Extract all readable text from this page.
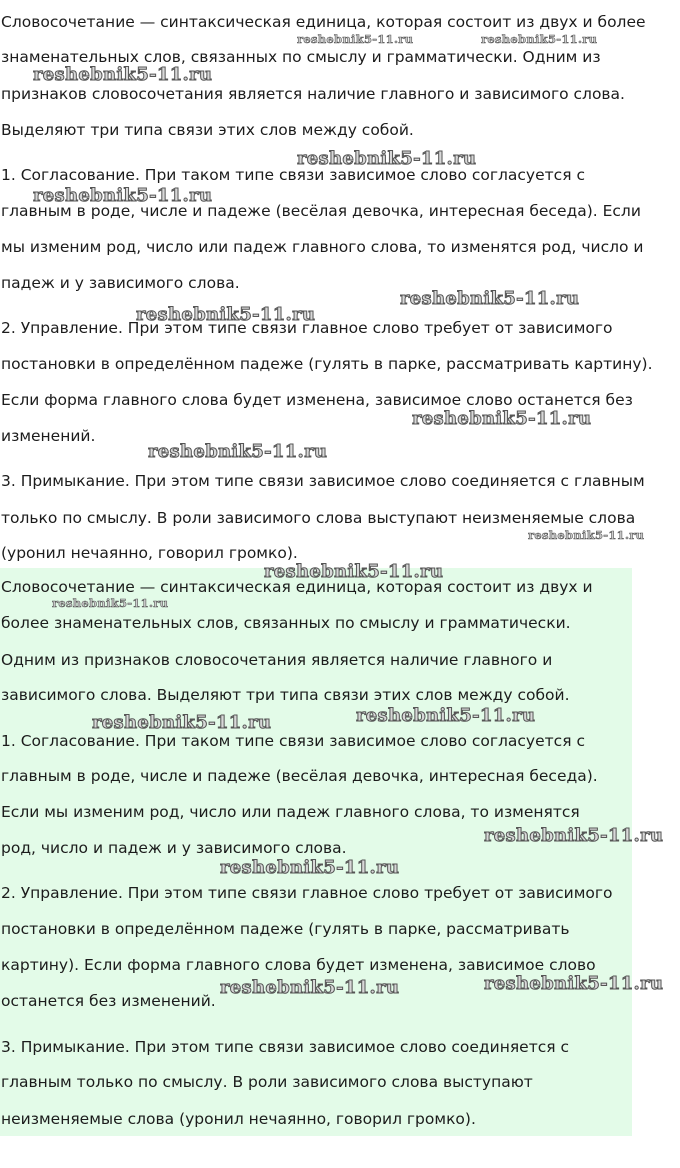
Словосочетание — синтаксическая единица, которая состоит из двух и более
знаменательных слов, связанных по смыслу и грамматически. Одним из
признаков словосочетания является наличие главного и зависимого слова.
Выделяют три типа связи этих слов между собой.
1. Согласование. При таком типе связи зависимое слово согласуется с
главным в роде, числе и падеже (весёлая девочка, интересная беседа). Если
мы изменим род, число или падеж главного слова, то изменятся род, число и
падеж и у зависимого слова.
2. Управление. При этом типе связи главное слово требует от зависимого
постановки в определённом падеже (гулять в парке, рассматривать картину).
Если форма главного слова будет изменена, зависимое слово останется без
изменений.
3. Примыкание. При этом типе связи зависимое слово соединяется с главным
только по смыслу. В роли зависимого слова выступают неизменяемые слова
(уронил нечаянно, говорил громко).
Словосочетание — синтаксическая единица, которая состоит из двух и
более знаменательных слов, связанных по смыслу и грамматически.
Одним из признаков словосочетания является наличие главного и
зависимого слова. Выделяют три типа связи этих слов между собой.
1. Согласование. При таком типе связи зависимое слово согласуется с
главным в роде, числе и падеже (весёлая девочка, интересная беседа).
Если мы изменим род, число или падеж главного слова, то изменятся
род, число и падеж и у зависимого слова.
2. Управление. При этом типе связи главное слово требует от зависимого
постановки в определённом падеже (гулять в парке, рассматривать
картину). Если форма главного слова будет изменена, зависимое слово
останется без изменений.
3. Примыкание. При этом типе связи зависимое слово соединяется с
главным только по смыслу. В роли зависимого слова выступают
неизменяемые слова (уронил нечаянно, говорил громко).
reshebnik5-11.ru	reshebnik5-11.ru
reshebnik5-11.ru
reshebnik5-11.ru
reshebnik5-11.ru
reshebnik5-11.ru
reshebnik5-11.ru
reshebnik5-11.ru
reshebnik5-11.ru
reshebnik5-11.ru
reshebnik5-11.ru
reshebnik5-11.ru
reshebnik5-11.ru
reshebnik5-11.ru
reshebnik5-11.ru
reshebnik5-11.ru
reshebnik5-11.ru
reshebnik5-11.ru
